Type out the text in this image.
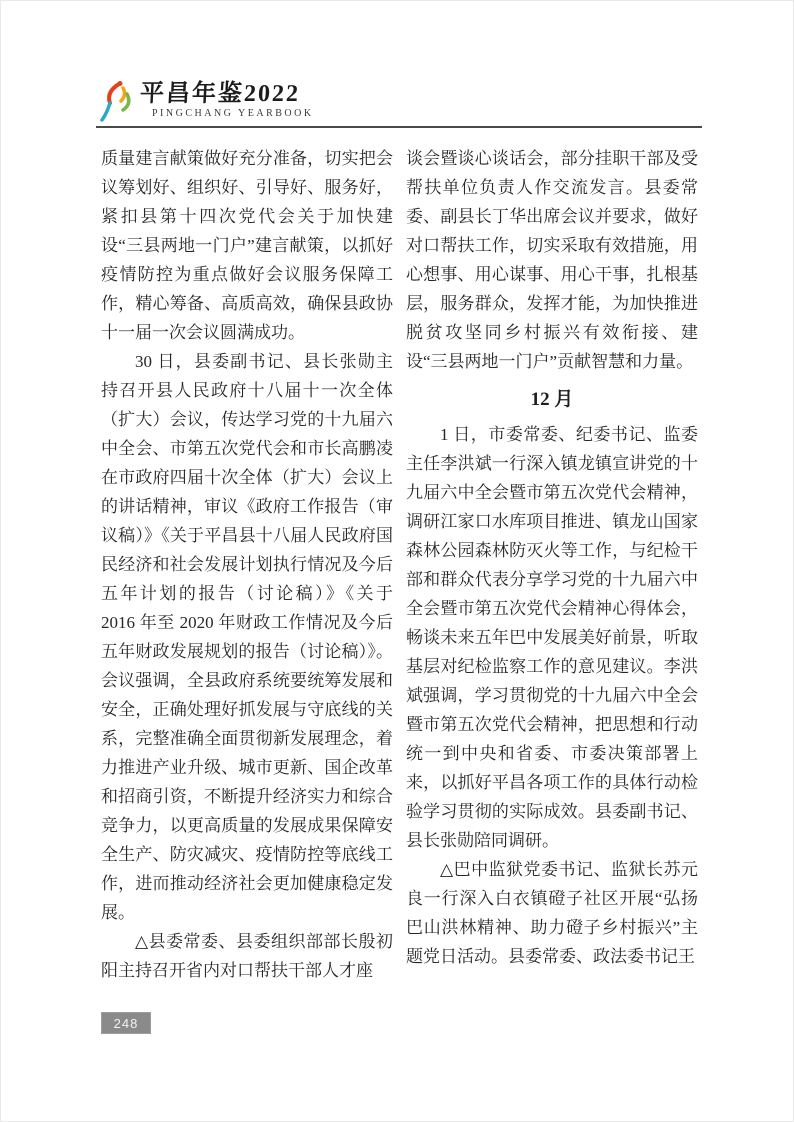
平昌年鉴2022
PINGCHANG YEARBOOK

质量建言献策做好充分准备，切实把会议筹划好、组织好、引导好、服务好，紧扣县第十四次党代会关于加快建设“三县两地一门户”建言献策，以抓好疫情防控为重点做好会议服务保障工作，精心筹备、高质高效，确保县政协十一届一次会议圆满成功。

30 日，县委副书记、县长张勋主持召开县人民政府十八届十一次全体（扩大）会议，传达学习党的十九届六中全会、市第五次党代会和市长高鹏凌在市政府四届十次全体（扩大）会议上的讲话精神，审议《政府工作报告（审议稿）》《关于平昌县十八届人民政府国民经济和社会发展计划执行情况及今后五年计划的报告（讨论稿）》《关于 2016 年至 2020 年财政工作情况及今后五年财政发展规划的报告（讨论稿）》。会议强调，全县政府系统要统筹发展和安全，正确处理好抓发展与守底线的关系，完整准确全面贯彻新发展理念，着力推进产业升级、城市更新、国企改革和招商引资，不断提升经济实力和综合竞争力，以更高质量的发展成果保障安全生产、防灾减灾、疫情防控等底线工作，进而推动经济社会更加健康稳定发展。

△县委常委、县委组织部部长殷初阳主持召开省内对口帮扶干部人才座

谈会暨谈心谈话会，部分挂职干部及受帮扶单位负责人作交流发言。县委常委、副县长丁华出席会议并要求，做好对口帮扶工作，切实采取有效措施，用心想事、用心谋事、用心干事，扎根基层，服务群众，发挥才能，为加快推进脱贫攻坚同乡村振兴有效衔接、建设“三县两地一门户”贡献智慧和力量。

12 月

1 日，市委常委、纪委书记、监委主任李洪斌一行深入镇龙镇宣讲党的十九届六中全会暨市第五次党代会精神，调研江家口水库项目推进、镇龙山国家森林公园森林防灭火等工作，与纪检干部和群众代表分享学习党的十九届六中全会暨市第五次党代会精神心得体会，畅谈未来五年巴中发展美好前景，听取基层对纪检监察工作的意见建议。李洪斌强调，学习贯彻党的十九届六中全会暨市第五次党代会精神，把思想和行动统一到中央和省委、市委决策部署上来，以抓好平昌各项工作的具体行动检验学习贯彻的实际成效。县委副书记、县长张勋陪同调研。

△巴中监狱党委书记、监狱长苏元良一行深入白衣镇磴子社区开展“弘扬巴山洪林精神、助力磴子乡村振兴”主题党日活动。县委常委、政法委书记王

248
